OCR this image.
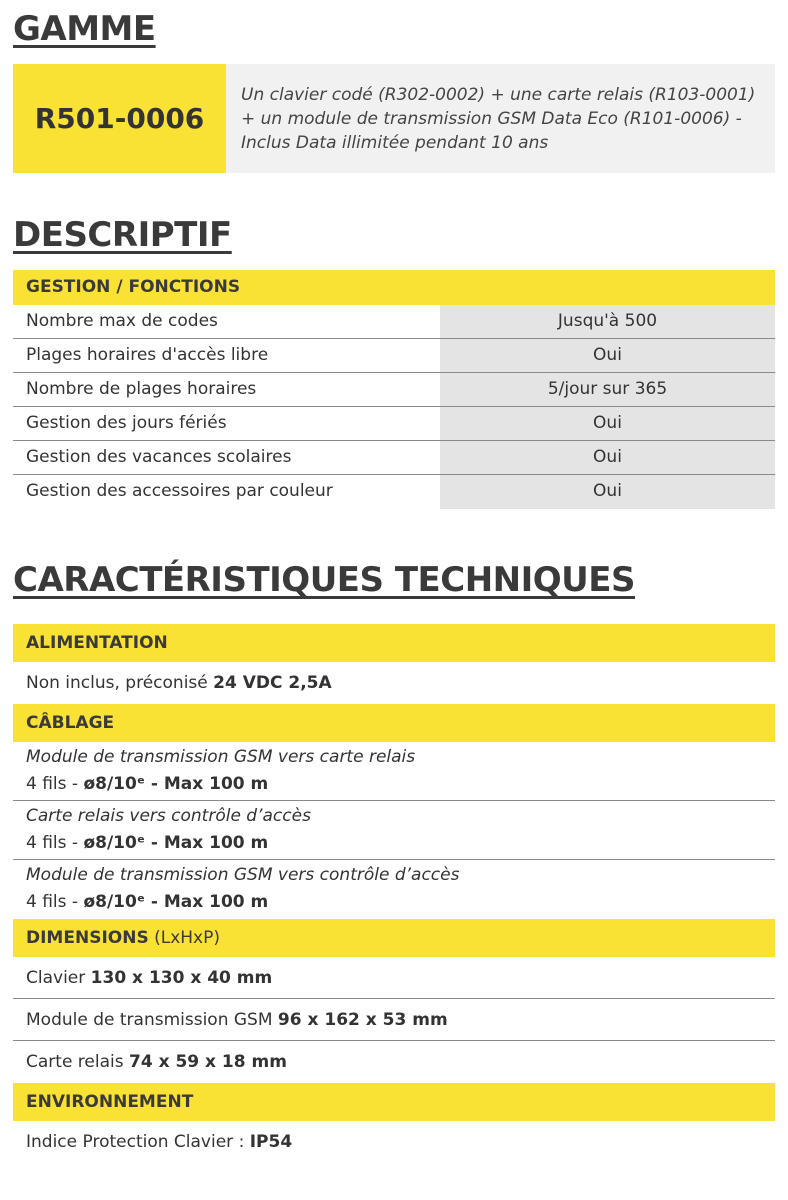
GAMME
R501-0006
Un clavier codé (R302-0002) + une carte relais (R103-0001)
+ un module de transmission GSM Data Eco (R101-0006) -
Inclus Data illimitée pendant 10 ans
DESCRIPTIF
GESTION / FONCTIONS
Nombre max de codes	Jusqu'à 500
Plages horaires d'accès libre	Oui
Nombre de plages horaires	5/jour sur 365
Gestion des jours fériés	Oui
Gestion des vacances scolaires	Oui
Gestion des accessoires par couleur	Oui
CARACTÉRISTIQUES TECHNIQUES
ALIMENTATION
Non inclus, préconisé 24 VDC 2,5A
CÂBLAGE
Module de transmission GSM vers carte relais
4 fils - ø8/10ᵉ - Max 100 m
Carte relais vers contrôle d’accès
4 fils - ø8/10ᵉ - Max 100 m
Module de transmission GSM vers contrôle d’accès
4 fils - ø8/10ᵉ - Max 100 m
DIMENSIONS (LxHxP)
Clavier 130 x 130 x 40 mm
Module de transmission GSM 96 x 162 x 53 mm
Carte relais 74 x 59 x 18 mm
ENVIRONNEMENT
Indice Protection Clavier : IP54
